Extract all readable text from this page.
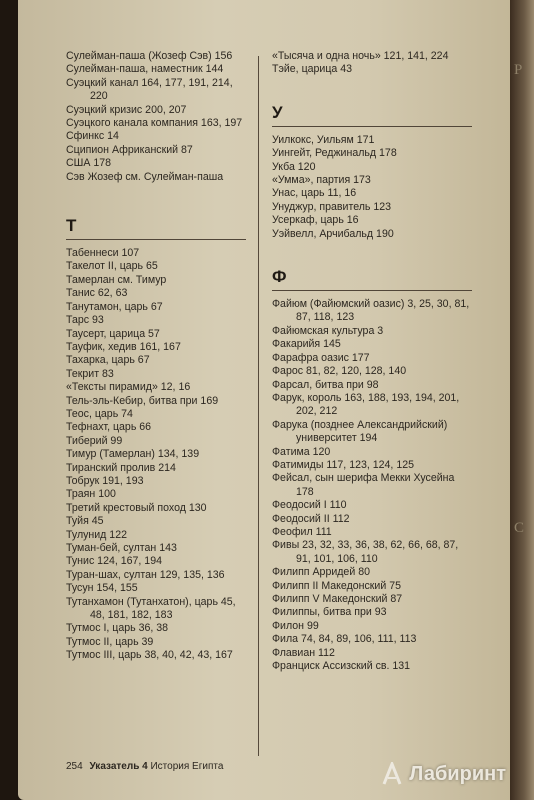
Р
С
Сулейман-паша (Жозеф Сэв) 156
Сулейман-паша, наместник 144
Суэцкий канал 164, 177, 191, 214, 220
Суэцкий кризис 200, 207
Суэцкого канала компания 163, 197
Сфинкс 14
Сципион Африканский 87
США 178
Сэв Жозеф см. Сулейман-паша
Т
Табеннеси 107
Такелот II, царь 65
Тамерлан см. Тимур
Танис 62, 63
Танутамон, царь 67
Тарс 93
Таусерт, царица 57
Тауфик, хедив 161, 167
Тахарка, царь 67
Текрит 83
«Тексты пирамид» 12, 16
Тель-эль-Кебир, битва при 169
Теос, царь 74
Тефнахт, царь 66
Тиберий 99
Тимур (Тамерлан) 134, 139
Тиранский пролив 214
Тобрук 191, 193
Траян 100
Третий крестовый поход 130
Туйя 45
Тулунид 122
Туман-бей, султан 143
Тунис 124, 167, 194
Туран-шах, султан 129, 135, 136
Тусун 154, 155
Тутанхамон (Тутанхатон), царь 45, 48, 181, 182, 183
Тутмос I, царь 36, 38
Тутмос II, царь 39
Тутмос III, царь 38, 40, 42, 43, 167
«Тысяча и одна ночь» 121, 141, 224
Тэйе, царица 43
У
Уилкокс, Уильям 171
Уингейт, Реджинальд 178
Укба 120
«Умма», партия 173
Унас, царь 11, 16
Унуджур, правитель 123
Усеркаф, царь 16
Уэйвелл, Арчибальд 190
Ф
Файюм (Файюмский оазис) 3, 25, 30, 81, 87, 118, 123
Файюмская культура 3
Факарийя 145
Фарафра оазис 177
Фарос 81, 82, 120, 128, 140
Фарсал, битва при 98
Фарук, король 163, 188, 193, 194, 201, 202, 212
Фарука (позднее Александрийский) университет 194
Фатима 120
Фатимиды 117, 123, 124, 125
Фейсал, сын шерифа Мекки Хусейна 178
Феодосий I 110
Феодосий II 112
Феофил 111
Фивы 23, 32, 33, 36, 38, 62, 66, 68, 87, 91, 101, 106, 110
Филипп Арридей 80
Филипп II Македонский 75
Филипп V Македонский 87
Филиппы, битва при 93
Филон 99
Фила 74, 84, 89, 106, 111, 113
Флавиан 112
Франциск Ассизский св. 131
254 Указатель 4 История Египта	Лабиринт
